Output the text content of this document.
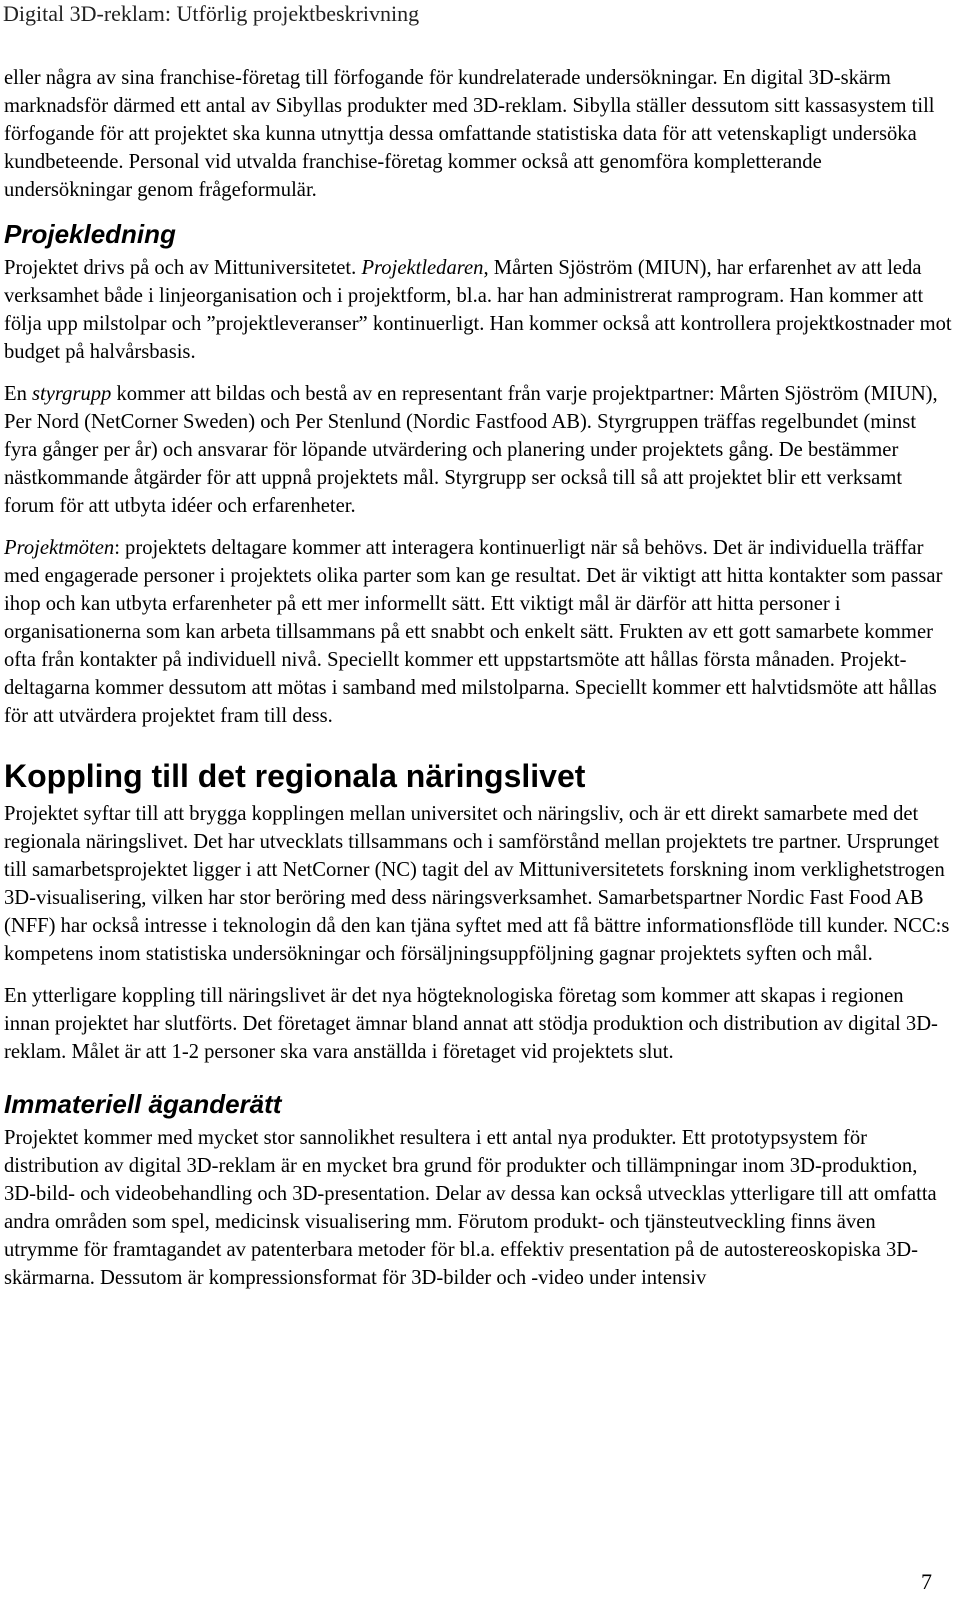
Digital 3D-reklam: Utförlig projektbeskrivning

eller några av sina franchise-företag till förfogande för kundrelaterade undersökningar. En digital 3D-skärm marknadsför därmed ett antal av Sibyllas produkter med 3D-reklam. Sibylla ställer dessutom sitt kassasystem till förfogande för att projektet ska kunna utnyttja dessa omfattande statistiska data för att vetenskapligt undersöka kundbeteende. Personal vid utvalda franchise-företag kommer också att genomföra kompletterande undersökningar genom frågeformulär.

Projekledning

Projektet drivs på och av Mittuniversitetet. Projektledaren, Mårten Sjöström (MIUN), har erfarenhet av att leda verksamhet både i linjeorganisation och i projektform, bl.a. har han administrerat ramprogram. Han kommer att följa upp milstolpar och ”projektleveranser” kontinuerligt. Han kommer också att kontrollera projektkostnader mot budget på halvårsbasis.

En styrgrupp kommer att bildas och bestå av en representant från varje projektpartner: Mårten Sjöström (MIUN), Per Nord (NetCorner Sweden) och Per Stenlund (Nordic Fastfood AB). Styrgruppen träffas regelbundet (minst fyra gånger per år) och ansvarar för löpande utvärdering och planering under projektets gång. De bestämmer nästkommande åtgärder för att uppnå projektets mål. Styrgrupp ser också till så att projektet blir ett verksamt forum för att utbyta idéer och erfarenheter.

Projektmöten: projektets deltagare kommer att interagera kontinuerligt när så behövs. Det är individuella träffar med engagerade personer i projektets olika parter som kan ge resultat. Det är viktigt att hitta kontakter som passar ihop och kan utbyta erfarenheter på ett mer informellt sätt. Ett viktigt mål är därför att hitta personer i organisationerna som kan arbeta tillsammans på ett snabbt och enkelt sätt. Frukten av ett gott samarbete kommer ofta från kontakter på individuell nivå. Speciellt kommer ett uppstartsmöte att hållas första månaden. Projekt-deltagarna kommer dessutom att mötas i samband med milstolparna. Speciellt kommer ett halvtidsmöte att hållas för att utvärdera projektet fram till dess.

Koppling till det regionala näringslivet

Projektet syftar till att brygga kopplingen mellan universitet och näringsliv, och är ett direkt samarbete med det regionala näringslivet. Det har utvecklats tillsammans och i samförstånd mellan projektets tre partner. Ursprunget till samarbetsprojektet ligger i att NetCorner (NC) tagit del av Mittuniversitetets forskning inom verklighetstrogen 3D-visualisering, vilken har stor beröring med dess näringsverksamhet. Samarbetspartner Nordic Fast Food AB (NFF) har också intresse i teknologin då den kan tjäna syftet med att få bättre informationsflöde till kunder. NCC:s kompetens inom statistiska undersökningar och försäljningsuppföljning gagnar projektets syften och mål.

En ytterligare koppling till näringslivet är det nya högteknologiska företag som kommer att skapas i regionen innan projektet har slutförts. Det företaget ämnar bland annat att stödja produktion och distribution av digital 3D-reklam. Målet är att 1-2 personer ska vara anställda i företaget vid projektets slut.

Immateriell äganderätt

Projektet kommer med mycket stor sannolikhet resultera i ett antal nya produkter. Ett prototypsystem för distribution av digital 3D-reklam är en mycket bra grund för produkter och tillämpningar inom 3D-produktion, 3D-bild- och videobehandling och 3D-presentation. Delar av dessa kan också utvecklas ytterligare till att omfatta andra områden som spel, medicinsk visualisering mm. Förutom produkt- och tjänsteutveckling finns även utrymme för framtagandet av patenterbara metoder för bl.a. effektiv presentation på de autostereoskopiska 3D-skärmarna. Dessutom är kompressionsformat för 3D-bilder och -video under intensiv

7
